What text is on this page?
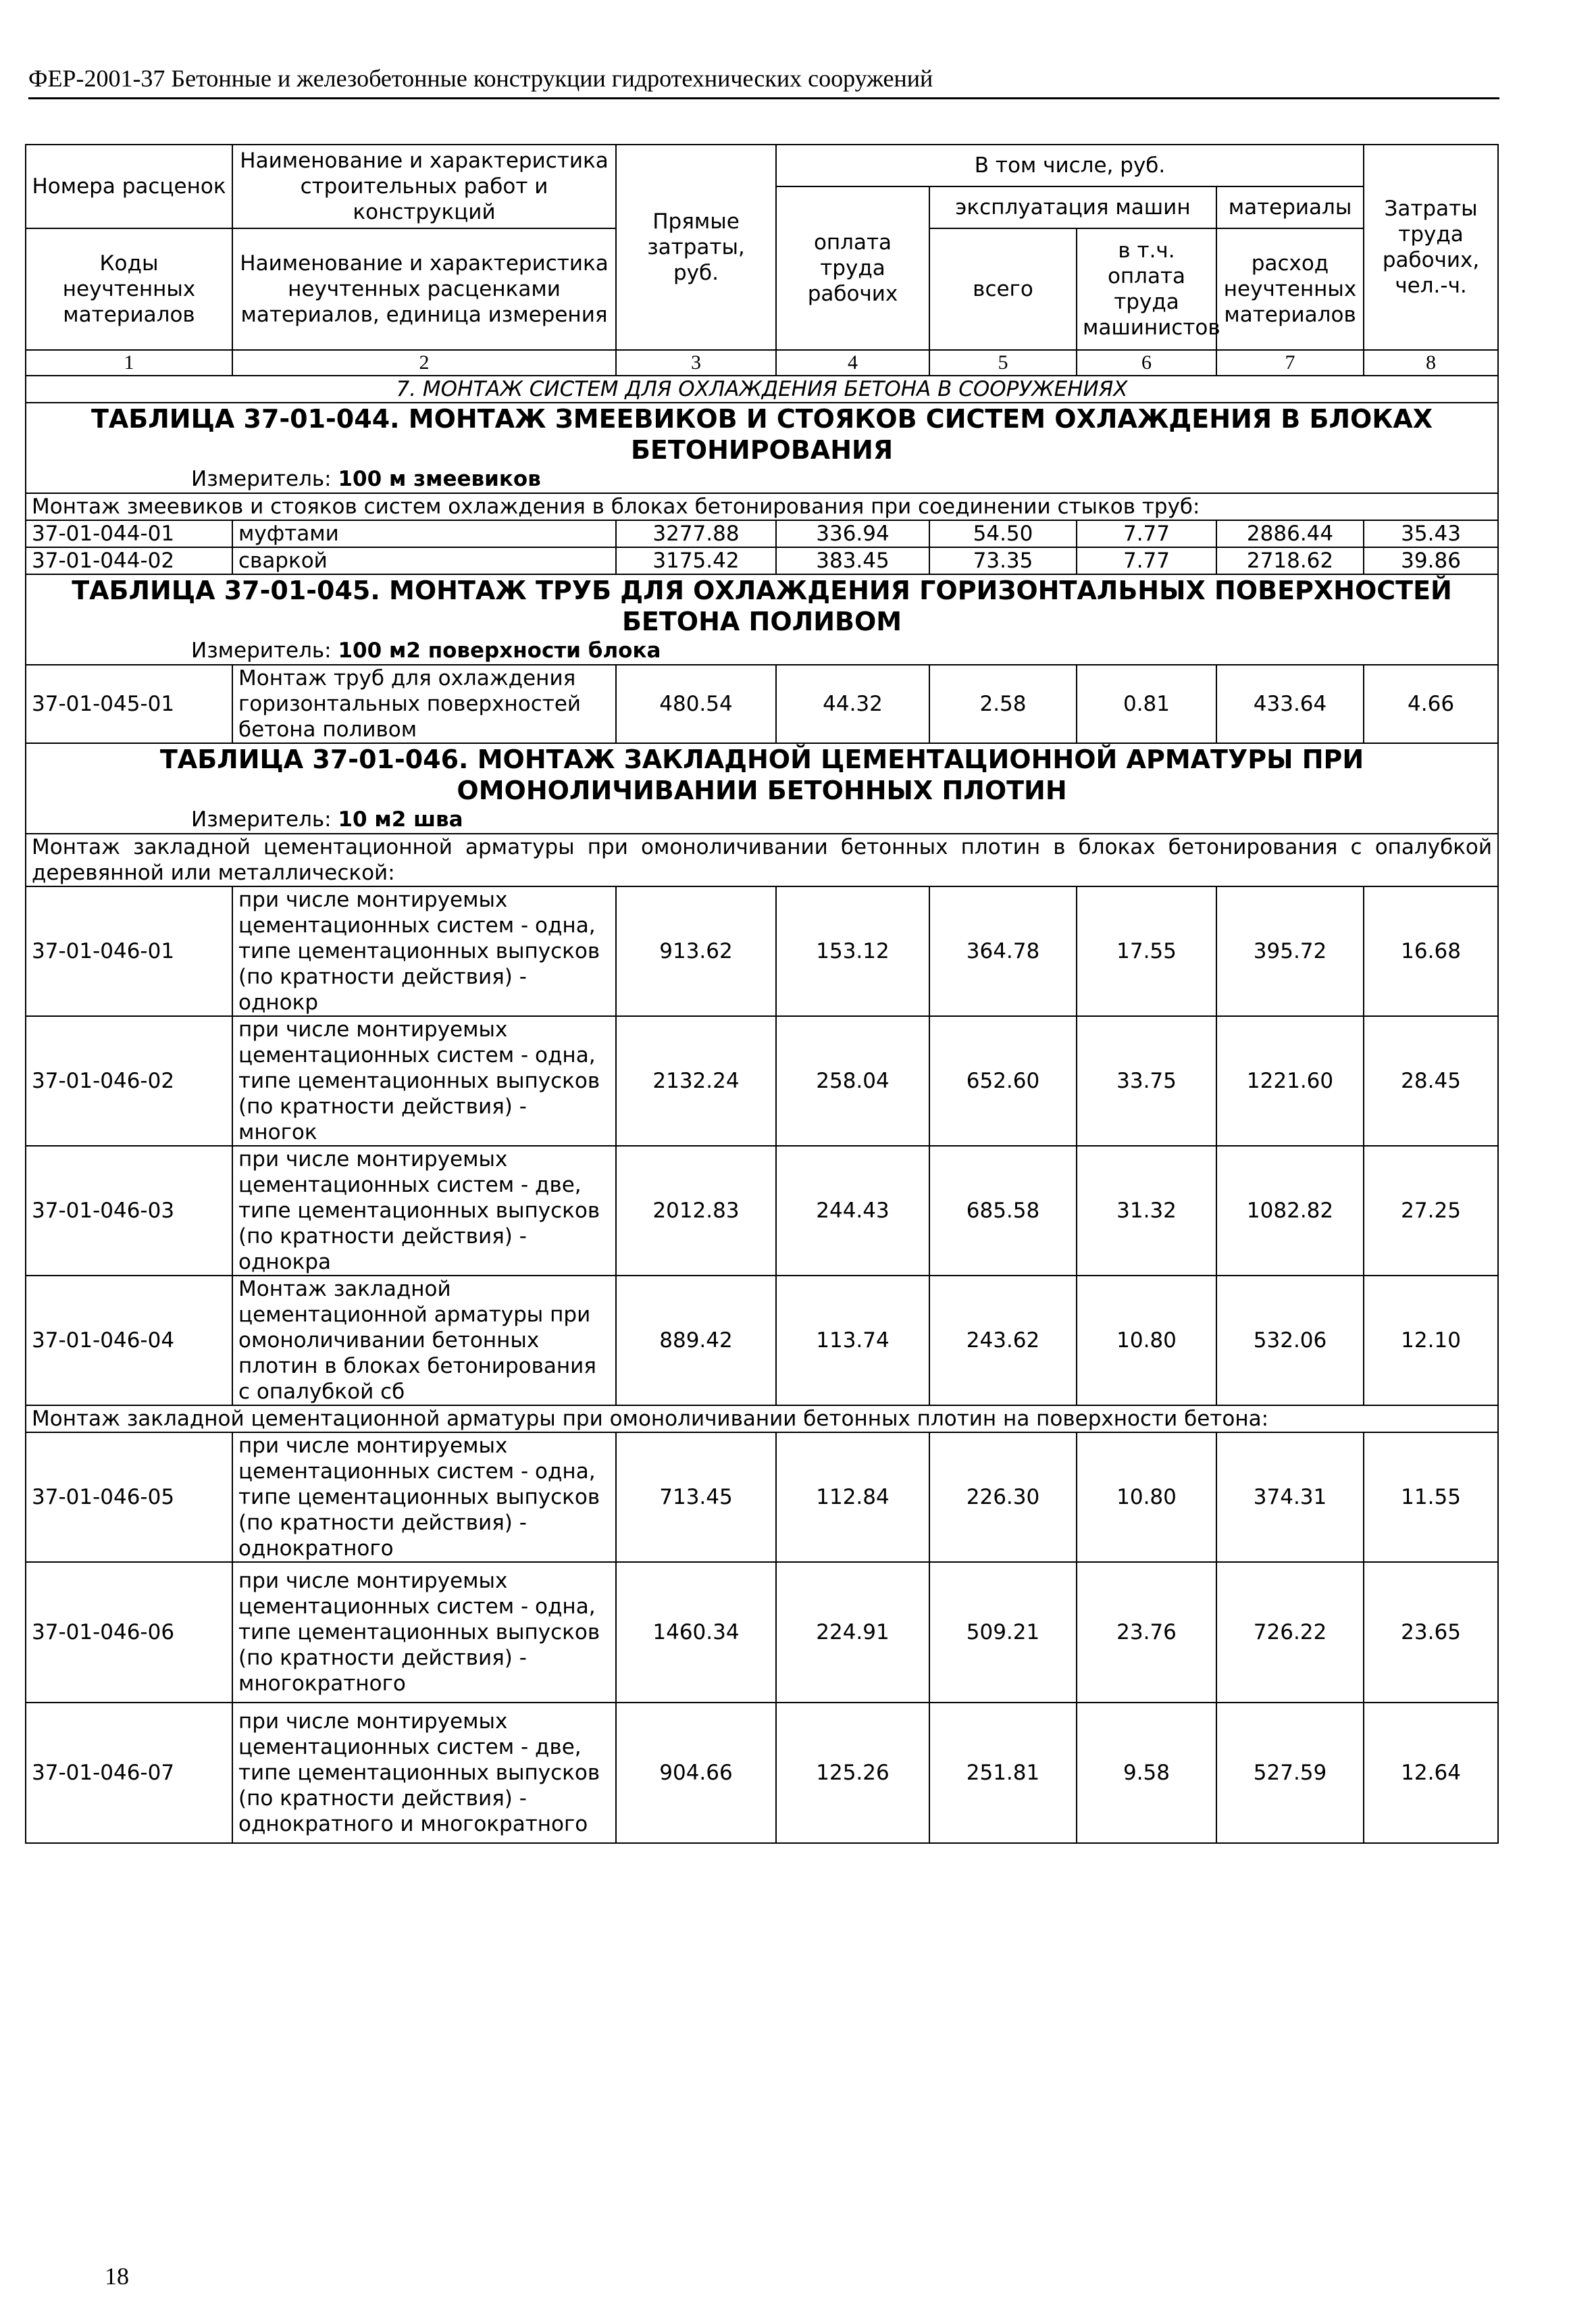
ФЕР-2001-37 Бетонные и железобетонные конструкции гидротехнических сооружений
Номера расценок	Наименование и характеристика строительных работ и конструкций	Прямые затраты, руб.	В том числе, руб.				Затраты труда рабочих, чел.-ч.
			оплата труда рабочих	эксплуатация машин		материалы	
Коды неучтенных материалов	Наименование и характеристика неучтенных расценками материалов, единица измерения			всего	в т.ч. оплата труда машинистов	расход неучтенных материалов	

1	2	3	4	5	6	7	8
7. МОНТАЖ СИСТЕМ ДЛЯ ОХЛАЖДЕНИЯ БЕТОНА В СООРУЖЕНИЯХ							

ТАБЛИЦА 37-01-044. МОНТАЖ ЗМЕЕВИКОВ И СТОЯКОВ СИСТЕМ ОХЛАЖДЕНИЯ В БЛОКАХ БЕТОНИРОВАНИЯ
Измеритель: 100 м змеевиков							

Монтаж змеевиков и стояков систем охлаждения в блоках бетонирования при соединении стыков труб:							
37-01-044-01	муфтами	3277.88	336.94	54.50	7.77	2886.44	35.43
37-01-044-02	сваркой	3175.42	383.45	73.35	7.77	2718.62	39.86

ТАБЛИЦА 37-01-045. МОНТАЖ ТРУБ ДЛЯ ОХЛАЖДЕНИЯ ГОРИЗОНТАЛЬНЫХ ПОВЕРХНОСТЕЙ БЕТОНА ПОЛИВОМ
Измеритель: 100 м2 поверхности блока							

37-01-045-01	Монтаж труб для охлаждения горизонтальных поверхностей бетона поливом	480.54	44.32	2.58	0.81	433.64	4.66

ТАБЛИЦА 37-01-046. МОНТАЖ ЗАКЛАДНОЙ ЦЕМЕНТАЦИОННОЙ АРМАТУРЫ ПРИ ОМОНОЛИЧИВАНИИ БЕТОННЫХ ПЛОТИН
Измеритель: 10 м2 шва							

Монтаж закладной цементационной арматуры при омоноличивании бетонных плотин в блоках бетонирования с опалубкой деревянной или металлической:							
37-01-046-01	при числе монтируемых цементационных систем - одна, типе цементационных выпусков (по кратности действия) - однокр	913.62	153.12	364.78	17.55	395.72	16.68
37-01-046-02	при числе монтируемых цементационных систем - одна, типе цементационных выпусков (по кратности действия) - многок	2132.24	258.04	652.60	33.75	1221.60	28.45
37-01-046-03	при числе монтируемых цементационных систем - две, типе цементационных выпусков (по кратности действия) - однокра	2012.83	244.43	685.58	31.32	1082.82	27.25
37-01-046-04	Монтаж закладной цементационной арматуры при омоноличивании бетонных плотин в блоках бетонирования с опалубкой сб	889.42	113.74	243.62	10.80	532.06	12.10
Монтаж закладной цементационной арматуры при омоноличивании бетонных плотин на поверхности бетона:							
37-01-046-05	при числе монтируемых цементационных систем - одна, типе цементационных выпусков (по кратности действия) - однократного	713.45	112.84	226.30	10.80	374.31	11.55
37-01-046-06	при числе монтируемых цементационных систем - одна, типе цементационных выпусков (по кратности действия) - многократного	1460.34	224.91	509.21	23.76	726.22	23.65
37-01-046-07	при числе монтируемых цементационных систем - две, типе цементационных выпусков (по кратности действия) - однократного и многократного	904.66	125.26	251.81	9.58	527.59	12.64
18
